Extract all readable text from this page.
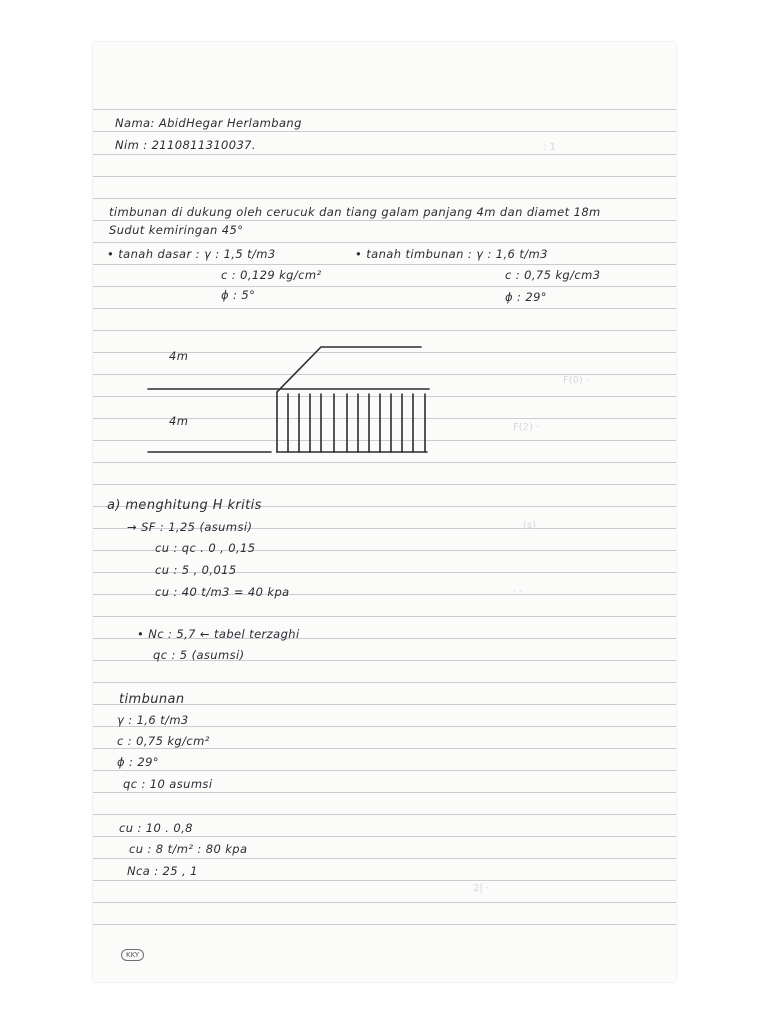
Nama: AbidHegar Herlambang
Nim : 2110811310037.
timbunan di dukung oleh cerucuk dan tiang galam panjang 4m dan diamet 18m
Sudut kemiringan 45°
• tanah dasar : γ : 1,5 t/m3
c : 0,129 kg/cm²
ϕ : 5°
• tanah timbunan : γ : 1,6 t/m3
c : 0,75 kg/cm3
ϕ : 29°
4m
4m
a) menghitung H kritis
→ SF : 1,25 (asumsi)
cu : qc . 0 , 0,15
cu : 5 , 0,015
cu : 40 t/m3 = 40 kpa
• Nc : 5,7 ← tabel terzaghi
qc : 5 (asumsi)
timbunan
γ : 1,6 t/m3
c : 0,75 kg/cm²
ϕ : 29°
qc : 10 asumsi
cu : 10 . 0,8
cu : 8 t/m² : 80 kpa
Nca : 25 , 1
: 1
F(0) ·
F(2) ·
(s)
· ·
2| ·
KKY
